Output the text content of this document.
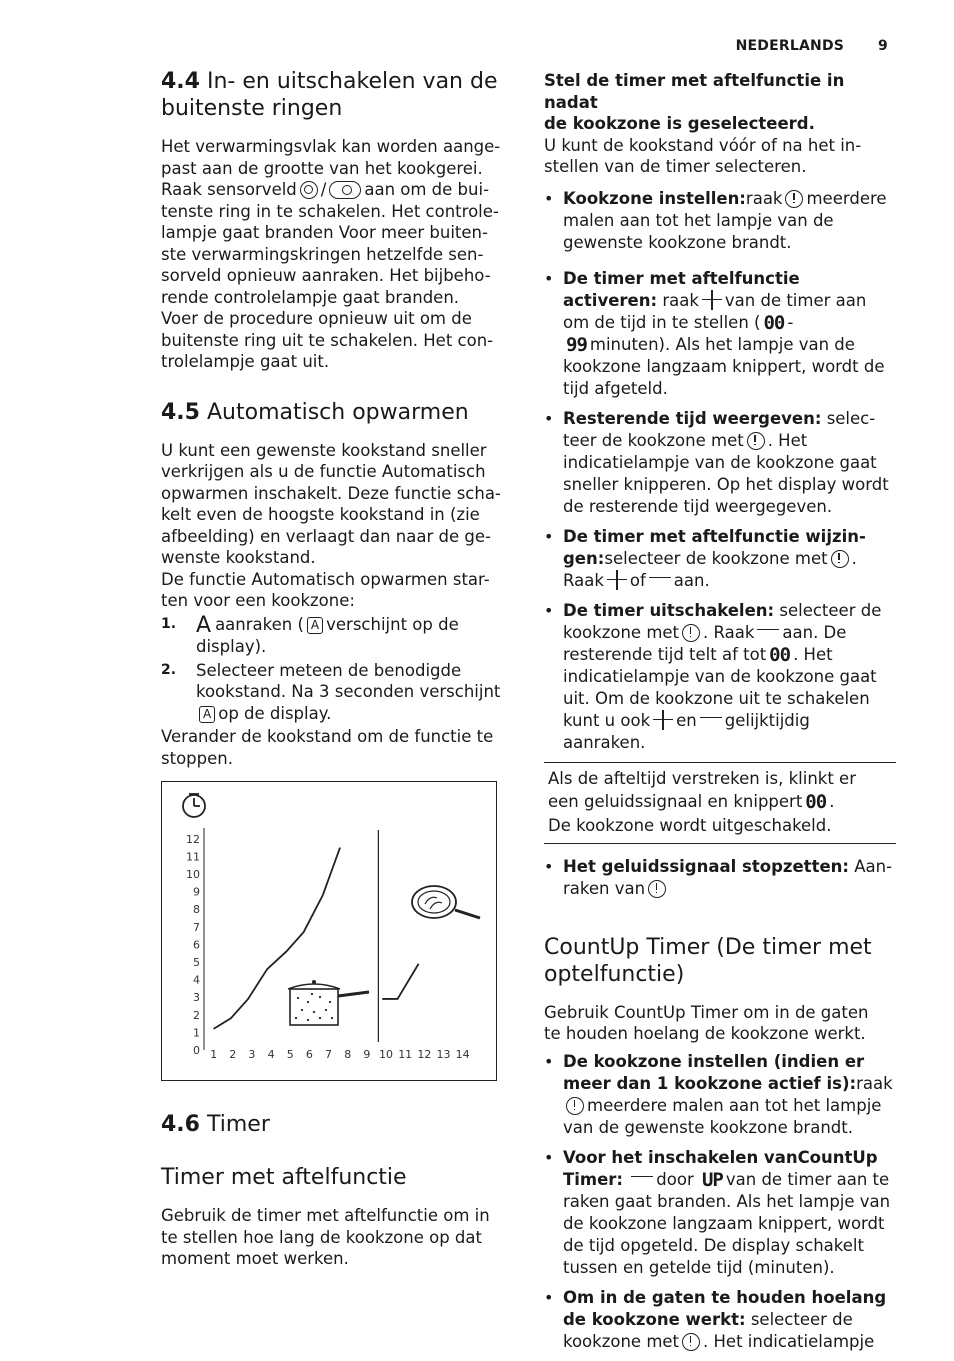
NEDERLANDS 9
4.4 In- en uitschakelen van de buitenste ringen

Het verwarmingsvlak kan worden aange-
past aan de grootte van het kookgerei.
Raak sensorveld / aan om de bui-
tenste ring in te schakelen. Het controle-
lampje gaat branden Voor meer buiten-
ste verwarmingskringen hetzelfde sen-
sorveld opnieuw aanraken. Het bijbeho-
rende controlelampje gaat branden.
Voer de procedure opnieuw uit om de
buitenste ring uit te schakelen. Het con-
trolelampje gaat uit.

4.5 Automatisch opwarmen

U kunt een gewenste kookstand sneller
verkrijgen als u de functie Automatisch
opwarmen inschakelt. Deze functie scha-
kelt even de hoogste kookstand in (zie
afbeelding) en verlaagt dan naar de ge-
wenste kookstand.
De functie Automatisch opwarmen star-
ten voor een kookzone:

1. A aanraken ( A verschijnt op de display).
2. Selecteer meteen de benodigde kookstand. Na 3 seconden verschijnt A op de display.

Verander de kookstand om de functie te
stoppen.

0
1
2
3
4
5
6
7
8
9
10
11
12
1 2 3 4 5 6 7 8 9 10 11 12 13 14
4.6 Timer
Timer met aftelfunctie

Gebruik de timer met aftelfunctie om in
te stellen hoe lang de kookzone op dat
moment moet werken.

Stel de timer met aftelfunctie in nadat
de kookzone is geselecteerd.
U kunt de kookstand vóór of na het in-
stellen van de timer selecteren.

• Kookzone instellen:raak meerdere malen aan tot het lampje van de gewenste kookzone brandt.
• De timer met aftelfunctie activeren: raak van de timer aan om de tijd in te stellen ( 00 -99 minuten). Als het lampje van de kookzone langzaam knippert, wordt de tijd afgeteld.
• Resterende tijd weergeven: selec- teer de kookzone met . Het indicatielampje van de kookzone gaat sneller knipperen. Op het display wordt de resterende tijd weergegeven.
• De timer met aftelfunctie wijzin- gen:selecteer de kookzone met . Raak of aan.
• De timer uitschakelen: selecteer de kookzone met . Raak aan. De resterende tijd telt af tot 00 . Het indicatielampje van de kookzone gaat uit. Om de kookzone uit te schakelen kunt u ook en gelijktijdig aanraken.

Als de afteltijd verstreken is, klinkt er
een geluidssignaal en knippert 00 .
De kookzone wordt uitgeschakeld.

• Het geluidssignaal stopzetten: Aan- raken van
CountUp Timer (De timer met optelfunctie)

Gebruik CountUp Timer om in de gaten
te houden hoelang de kookzone werkt.

• De kookzone instellen (indien er meer dan 1 kookzone actief is):raak meerdere malen aan tot het lampje van de gewenste kookzone brandt.
• Voor het inschakelen vanCountUp Timer: door UP van de timer aan te raken gaat branden. Als het lampje van de kookzone langzaam knippert, wordt de tijd opgeteld. De display schakelt tussen en getelde tijd (minuten).
• Om in de gaten te houden hoelang de kookzone werkt: selecteer de kookzone met . Het indicatielampje
